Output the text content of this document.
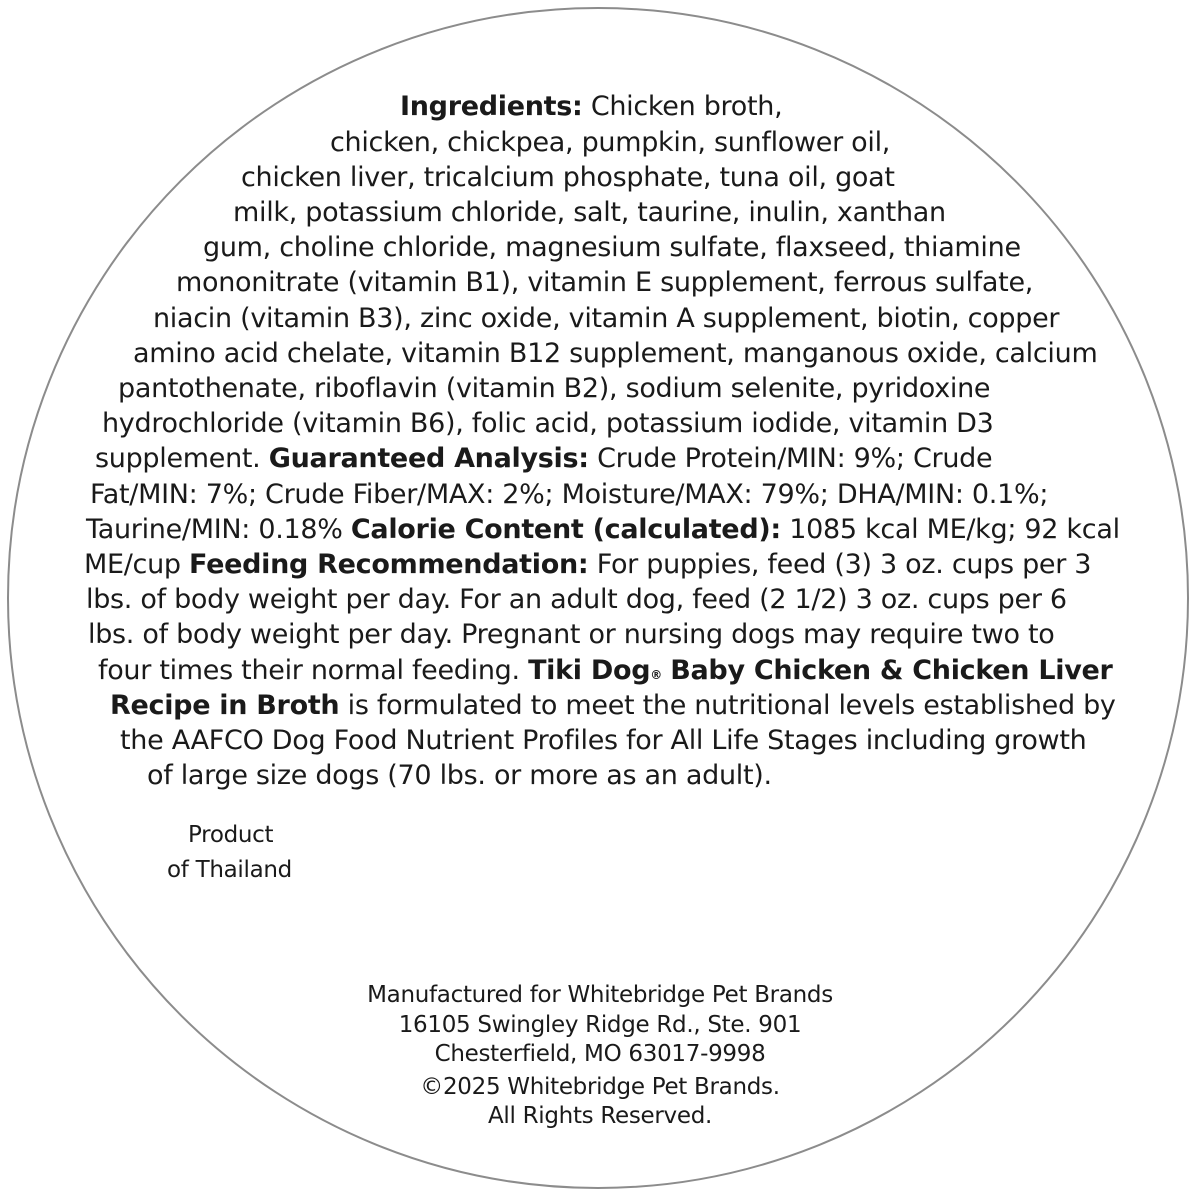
Ingredients: Chicken broth,
chicken, chickpea, pumpkin, sunflower oil,
chicken liver, tricalcium phosphate, tuna oil, goat
milk, potassium chloride, salt, taurine, inulin, xanthan
gum, choline chloride, magnesium sulfate, flaxseed, thiamine
mononitrate (vitamin B1), vitamin E supplement, ferrous sulfate,
niacin (vitamin B3), zinc oxide, vitamin A supplement, biotin, copper
amino acid chelate, vitamin B12 supplement, manganous oxide, calcium
pantothenate, riboflavin (vitamin B2), sodium selenite, pyridoxine
hydrochloride (vitamin B6), folic acid, potassium iodide, vitamin D3
supplement. Guaranteed Analysis: Crude Protein/MIN: 9%; Crude
Fat/MIN: 7%; Crude Fiber/MAX: 2%; Moisture/MAX: 79%; DHA/MIN: 0.1%;
Taurine/MIN: 0.18% Calorie Content (calculated): 1085 kcal ME/kg; 92 kcal
ME/cup Feeding Recommendation: For puppies, feed (3) 3 oz. cups per 3
lbs. of body weight per day. For an adult dog, feed (2 1/2) 3 oz. cups per 6
lbs. of body weight per day. Pregnant or nursing dogs may require two to
four times their normal feeding. Tiki Dog® Baby Chicken & Chicken Liver
Recipe in Broth is formulated to meet the nutritional levels established by
the AAFCO Dog Food Nutrient Profiles for All Life Stages including growth
of large size dogs (70 lbs. or more as an adult).
Product
of Thailand
Manufactured for Whitebridge Pet Brands
16105 Swingley Ridge Rd., Ste. 901
Chesterfield, MO 63017-9998
©2025 Whitebridge Pet Brands.
All Rights Reserved.
